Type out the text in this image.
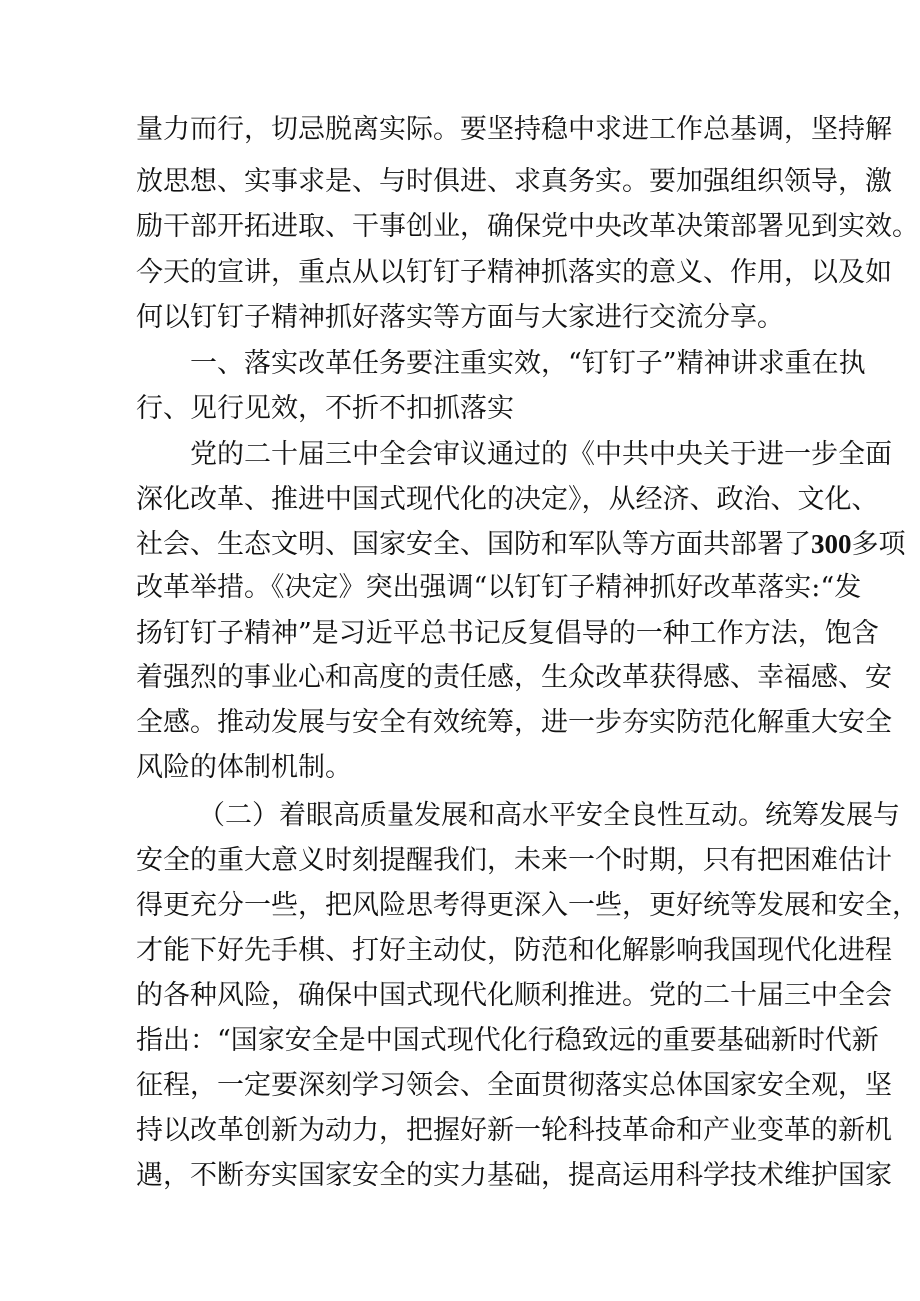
量力而行，切忌脱离实际。要坚持稳中求进工作总基调，坚持解
放思想、实事求是、与时俱进、求真务实。要加强组织领导，激
励干部开拓进取、干事创业，确保党中央改革决策部署见到实效。
今天的宣讲，重点从以钉钉子精神抓落实的意义、作用，以及如
何以钉钉子精神抓好落实等方面与大家进行交流分享。
一、落实改革任务要注重实效，“钉钉子”精神讲求重在执
行、见行见效，不折不扣抓落实
党的二十届三中全会审议通过的《中共中央关于进一步全面
深化改革、推进中国式现代化的决定》，从经济、政治、文化、
社会、生态文明、国家安全、国防和军队等方面共部署了300多项
改革举措。《决定》突出强调“以钉钉子精神抓好改革落实:“发
扬钉钉子精神”是习近平总书记反复倡导的一种工作方法，饱含
着强烈的事业心和高度的责任感，生众改革获得感、幸福感、安
全感。推动发展与安全有效统筹，进一步夯实防范化解重大安全
风险的体制机制。
（二）着眼高质量发展和高水平安全良性互动。统筹发展与
安全的重大意义时刻提醒我们，未来一个时期，只有把困难估计
得更充分一些，把风险思考得更深入一些，更好统等发展和安全，
才能下好先手棋、打好主动仗，防范和化解影响我国现代化进程
的各种风险，确保中国式现代化顺利推进。党的二十届三中全会
指出：“国家安全是中国式现代化行稳致远的重要基础新时代新
征程，一定要深刻学习领会、全面贯彻落实总体国家安全观，坚
持以改革创新为动力，把握好新一轮科技革命和产业变革的新机
遇，不断夯实国家安全的实力基础，提高运用科学技术维护国家
